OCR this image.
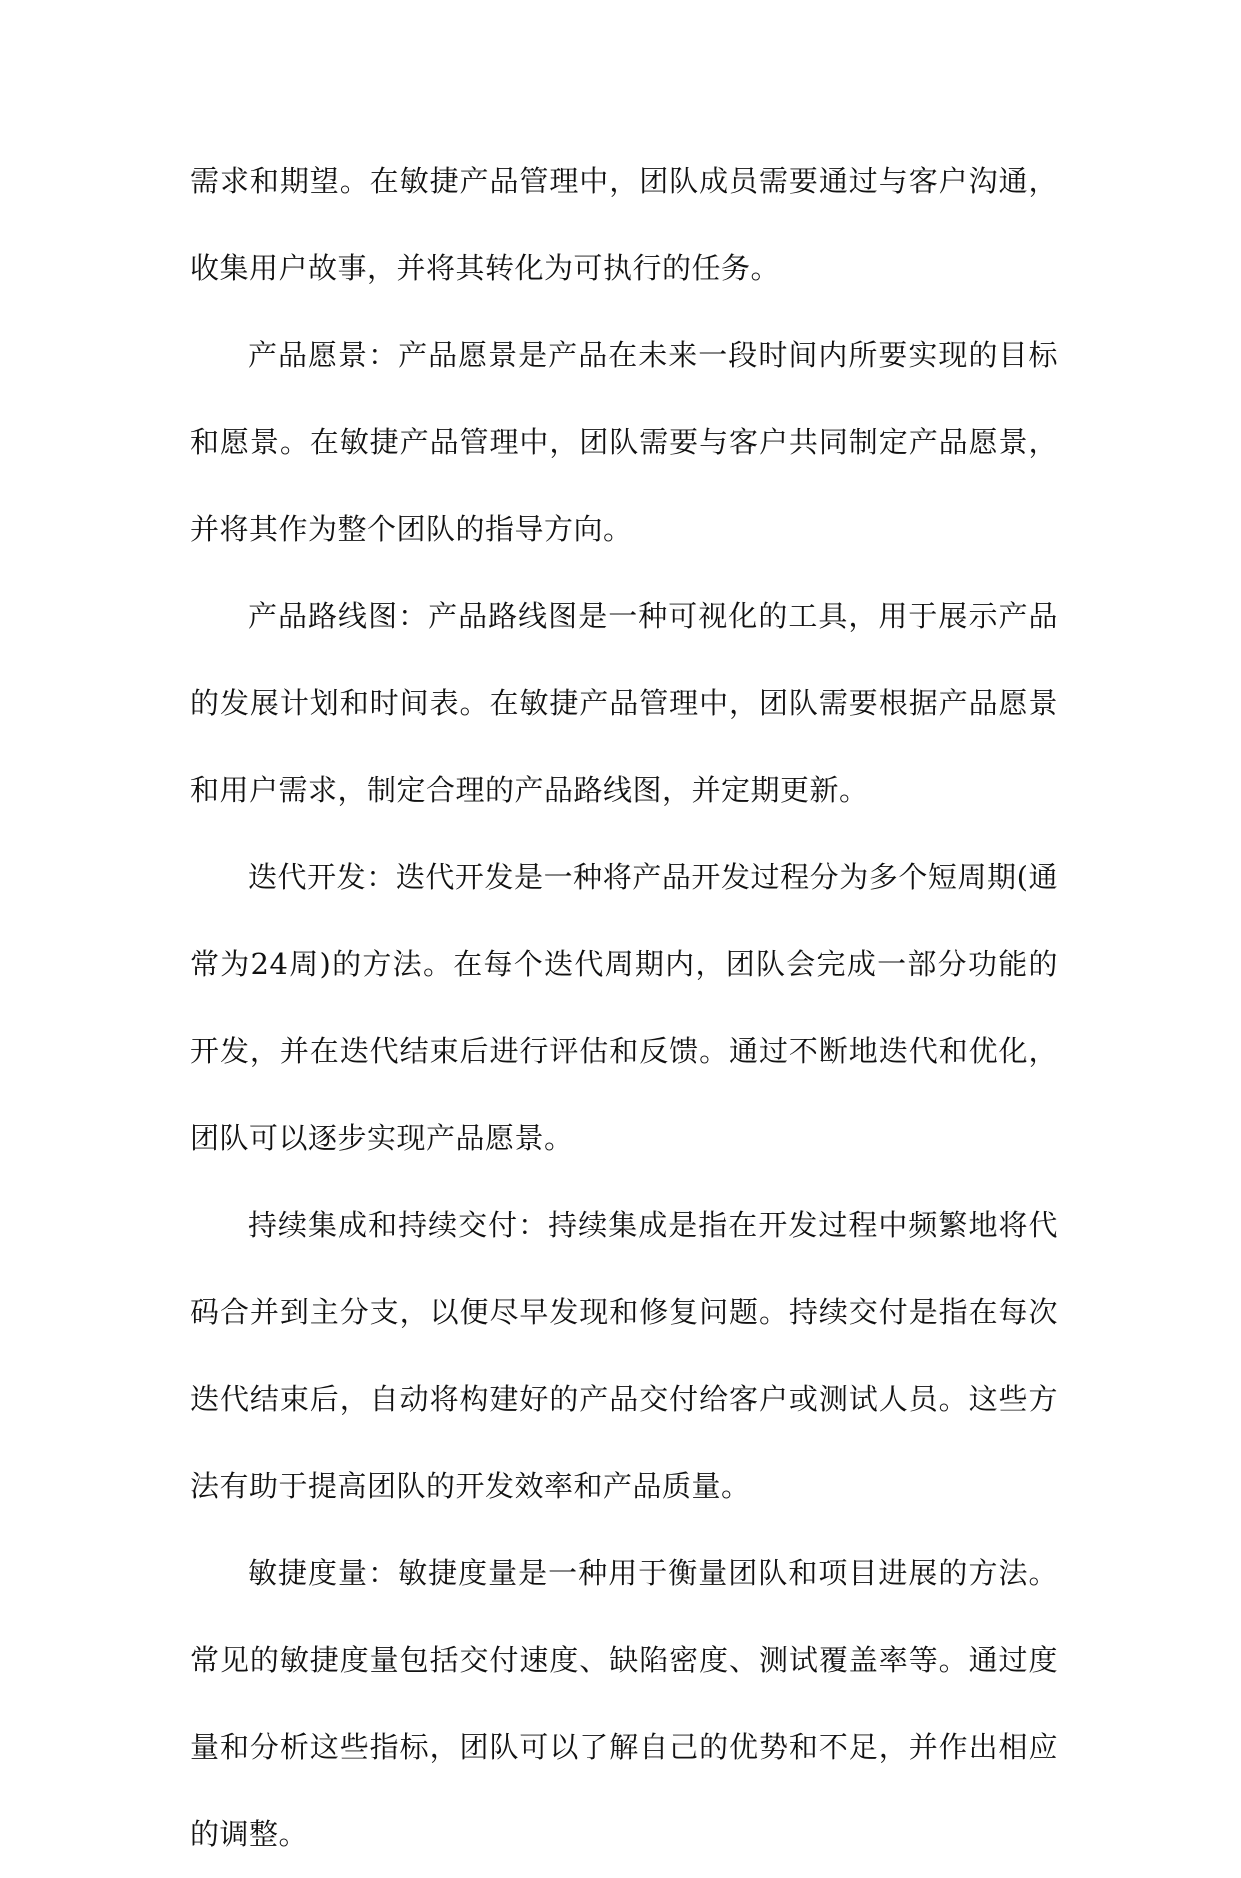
需求和期望。在敏捷产品管理中，团队成员需要通过与客户沟通，收集用户故事，并将其转化为可执行的任务。

产品愿景：产品愿景是产品在未来一段时间内所要实现的目标和愿景。在敏捷产品管理中，团队需要与客户共同制定产品愿景，并将其作为整个团队的指导方向。

产品路线图：产品路线图是一种可视化的工具，用于展示产品的发展计划和时间表。在敏捷产品管理中，团队需要根据产品愿景和用户需求，制定合理的产品路线图，并定期更新。

迭代开发：迭代开发是一种将产品开发过程分为多个短周期(通常为24周)的方法。在每个迭代周期内，团队会完成一部分功能的开发，并在迭代结束后进行评估和反馈。通过不断地迭代和优化，团队可以逐步实现产品愿景。

持续集成和持续交付：持续集成是指在开发过程中频繁地将代码合并到主分支，以便尽早发现和修复问题。持续交付是指在每次迭代结束后，自动将构建好的产品交付给客户或测试人员。这些方法有助于提高团队的开发效率和产品质量。

敏捷度量：敏捷度量是一种用于衡量团队和项目进展的方法。常见的敏捷度量包括交付速度、缺陷密度、测试覆盖率等。通过度量和分析这些指标，团队可以了解自己的优势和不足，并作出相应的调整。
